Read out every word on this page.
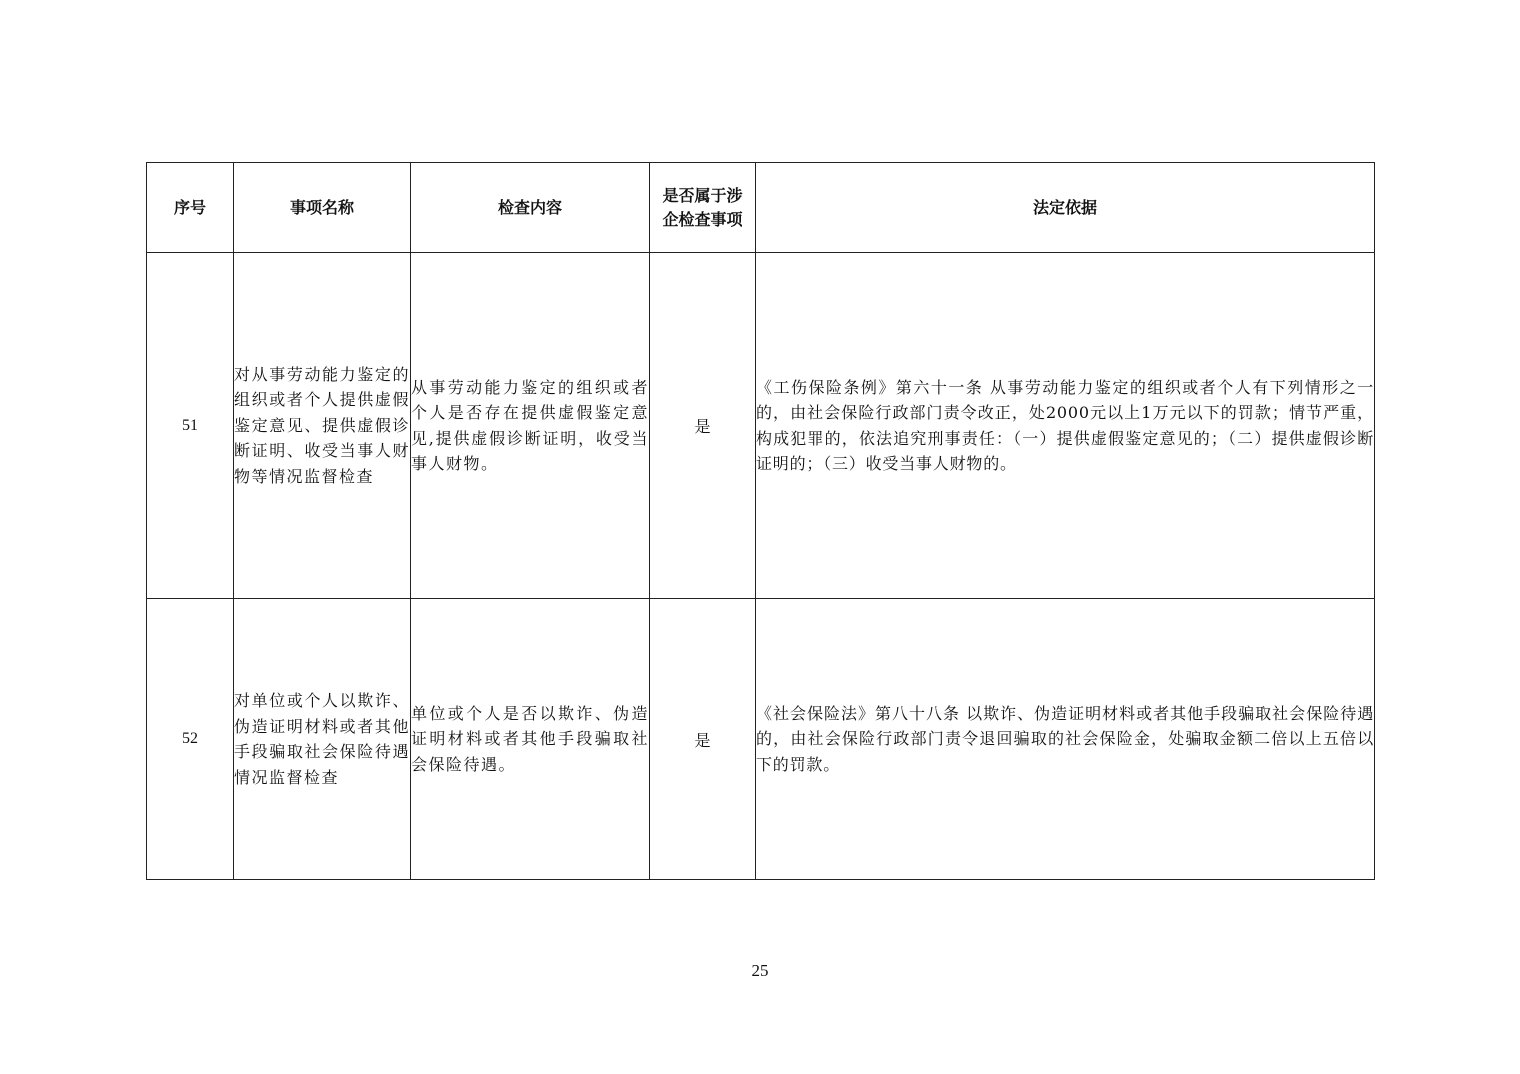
序号	事项名称	检查内容	是否属于涉企检查事项	法定依据
51	对从事劳动能力鉴定的组织或者个人提供虚假鉴定意见、提供虚假诊断证明、收受当事人财物等情况监督检查	从事劳动能力鉴定的组织或者个人是否存在提供虚假鉴定意见,提供虚假诊断证明，收受当事人财物。	是	《工伤保险条例》第六十一条 从事劳动能力鉴定的组织或者个人有下列情形之一的，由社会保险行政部门责令改正，处2000元以上1万元以下的罚款；情节严重，构成犯罪的，依法追究刑事责任：（一）提供虚假鉴定意见的；（二）提供虚假诊断证明的；（三）收受当事人财物的。
52	对单位或个人以欺诈、伪造证明材料或者其他手段骗取社会保险待遇情况监督检查	单位或个人是否以欺诈、伪造证明材料或者其他手段骗取社会保险待遇。	是	《社会保险法》第八十八条 以欺诈、伪造证明材料或者其他手段骗取社会保险待遇的，由社会保险行政部门责令退回骗取的社会保险金，处骗取金额二倍以上五倍以下的罚款。
25
